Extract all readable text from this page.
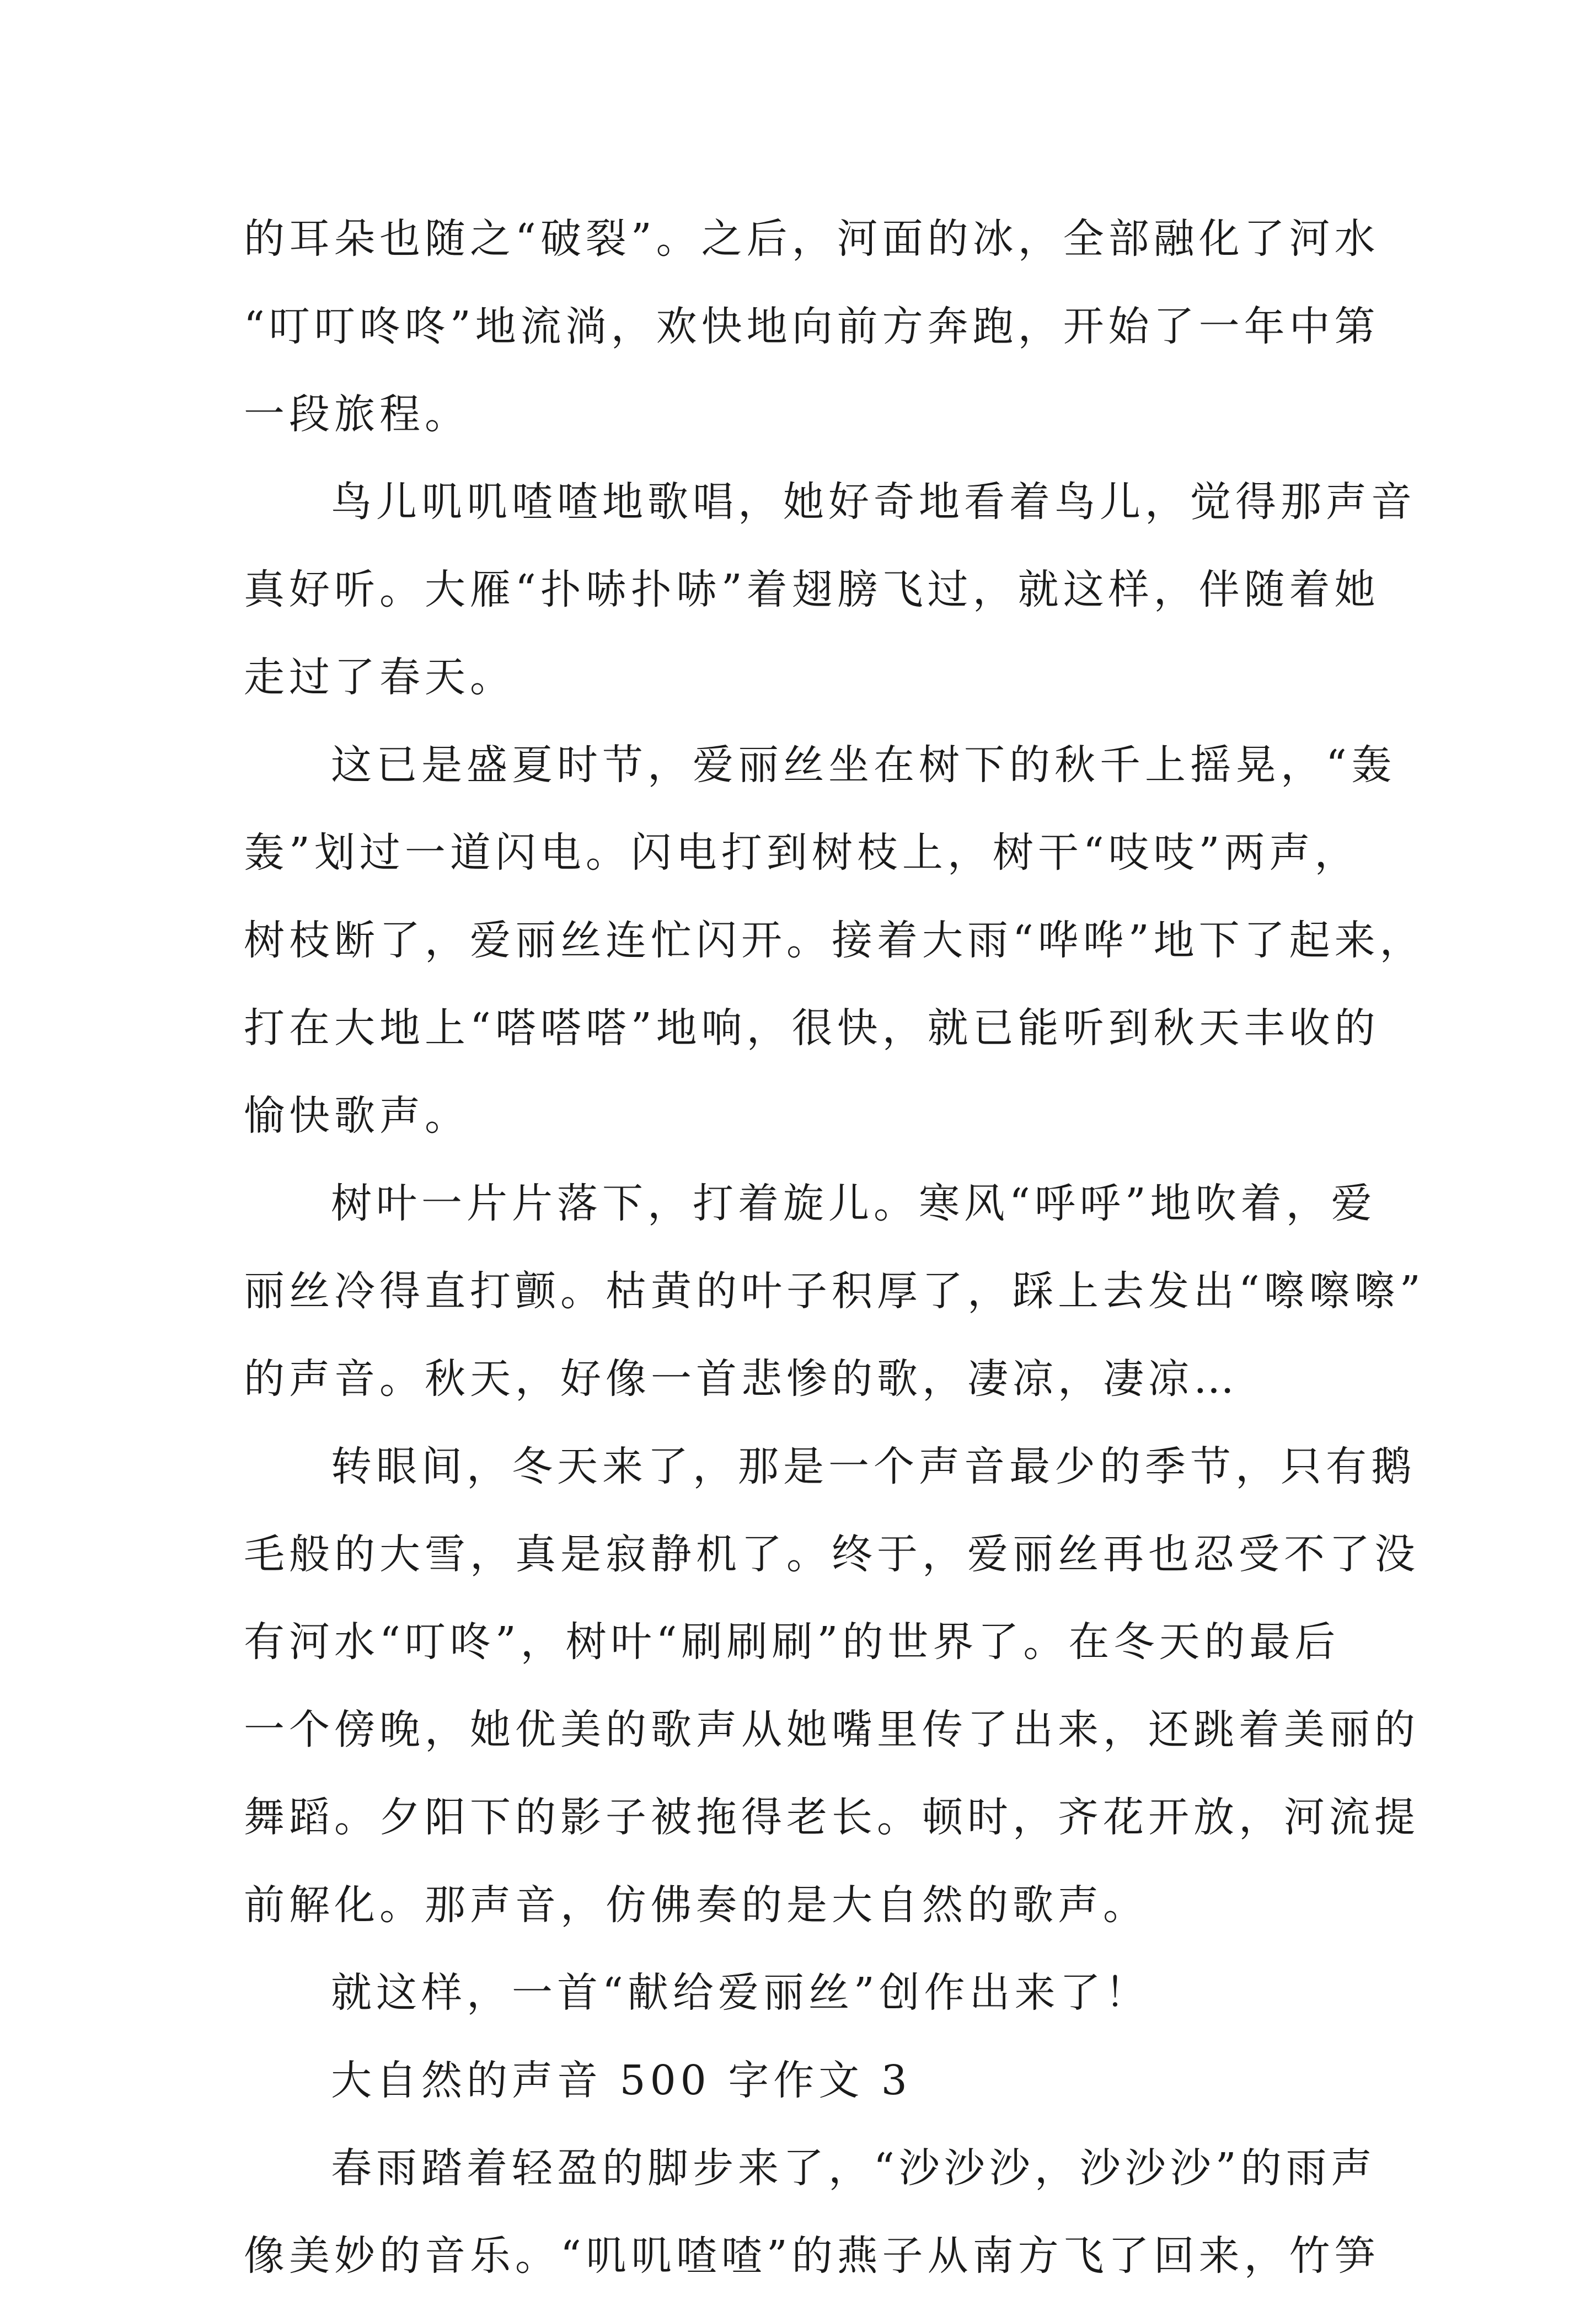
的耳朵也随之“破裂”。之后，河面的冰，全部融化了河水
“叮叮咚咚”地流淌，欢快地向前方奔跑，开始了一年中第
一段旅程。
鸟儿叽叽喳喳地歌唱，她好奇地看着鸟儿，觉得那声音
真好听。大雁“扑哧扑哧”着翅膀飞过，就这样，伴随着她
走过了春天。
这已是盛夏时节，爱丽丝坐在树下的秋千上摇晃，“轰
轰”划过一道闪电。闪电打到树枝上，树干“吱吱”两声，
树枝断了，爱丽丝连忙闪开。接着大雨“哗哗”地下了起来，
打在大地上“嗒嗒嗒”地响，很快，就已能听到秋天丰收的
愉快歌声。
树叶一片片落下，打着旋儿。寒风“呼呼”地吹着，爱
丽丝冷得直打颤。枯黄的叶子积厚了，踩上去发出“嚓嚓嚓”
的声音。秋天，好像一首悲惨的歌，凄凉，凄凉…
转眼间，冬天来了，那是一个声音最少的季节，只有鹅
毛般的大雪，真是寂静机了。终于，爱丽丝再也忍受不了没
有河水“叮咚”，树叶“刷刷刷”的世界了。在冬天的最后
一个傍晚，她优美的歌声从她嘴里传了出来，还跳着美丽的
舞蹈。夕阳下的影子被拖得老长。顿时，齐花开放，河流提
前解化。那声音，仿佛奏的是大自然的歌声。
就这样，一首“献给爱丽丝”创作出来了！
大自然的声音 500 字作文 3
春雨踏着轻盈的脚步来了，“沙沙沙，沙沙沙”的雨声
像美妙的音乐。“叽叽喳喳”的燕子从南方飞了回来，竹笋
